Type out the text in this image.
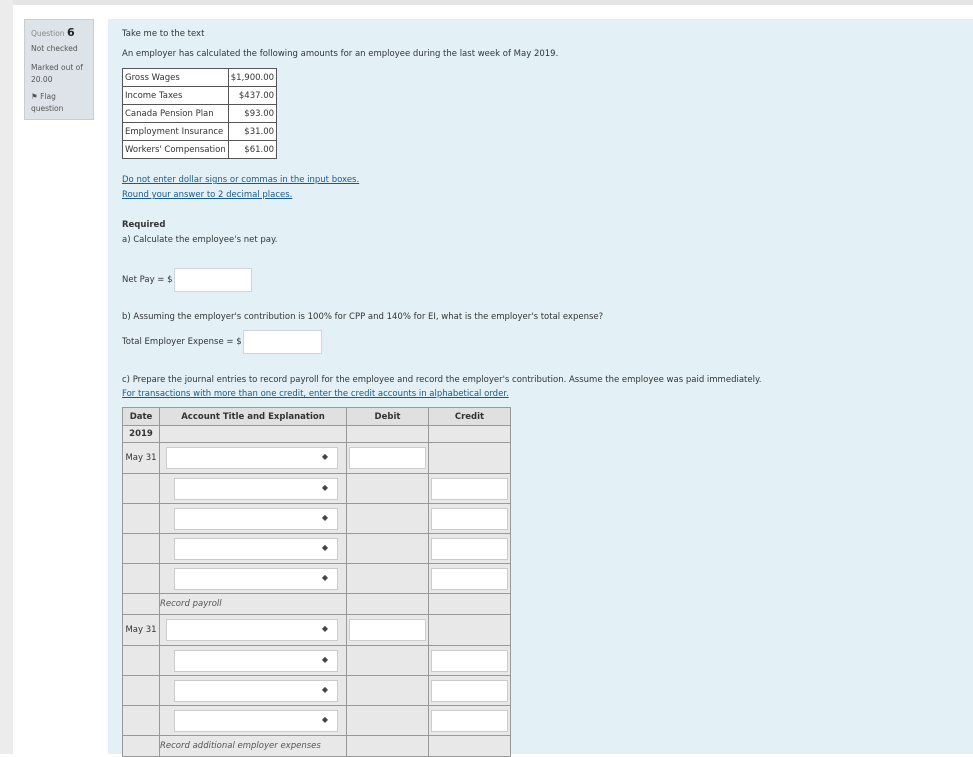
Question 6
Not checked
Marked out of
20.00
⚑ Flag
question
Take me to the text
An employer has calculated the following amounts for an employee during the last week of May 2019.
Gross Wages	$1,900.00
Income Taxes	$437.00
Canada Pension Plan	$93.00
Employment Insurance	$31.00
Workers' Compensation	$61.00
Do not enter dollar signs or commas in the input boxes.
Round your answer to 2 decimal places.
Required
a) Calculate the employee's net pay.
Net Pay = $
b) Assuming the employer's contribution is 100% for CPP and 140% for EI, what is the employer's total expense?
Total Employer Expense = $
c) Prepare the journal entries to record payroll for the employee and record the employer's contribution. Assume the employee was paid immediately.
For transactions with more than one credit, enter the credit accounts in alphabetical order.
Date	Account Title and Explanation	Debit	Credit
2019			
May 31	◆		

	◆		

	◆		

	◆		

	◆		

	Record payroll		
May 31	◆		

	◆		

	◆		

	◆		

	Record additional employer expenses		
